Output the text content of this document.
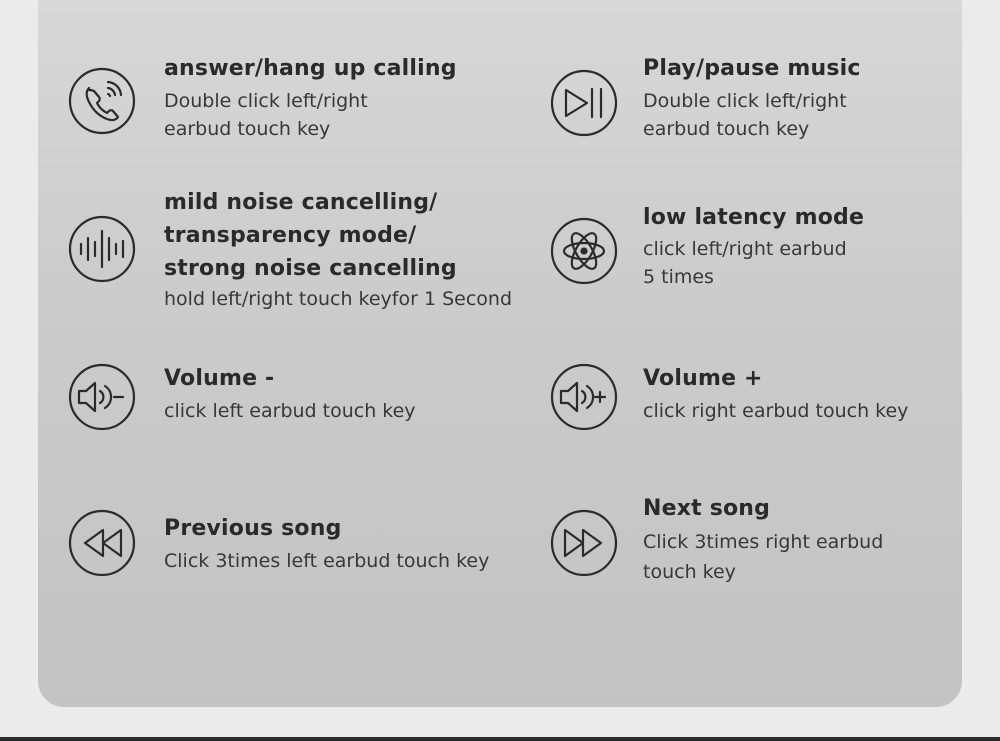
answer/hang up calling
Double click left/right
earbud touch key
Play/pause music
Double click left/right
earbud touch key
mild noise cancelling/
transparency mode/
strong noise cancelling
hold left/right touch keyfor 1 Second
low latency mode
click left/right earbud
5 times
Volume -
click left earbud touch key
Volume +
click right earbud touch key
Previous song
Click 3times left earbud touch key
Next song
Click 3times right earbud
touch key
